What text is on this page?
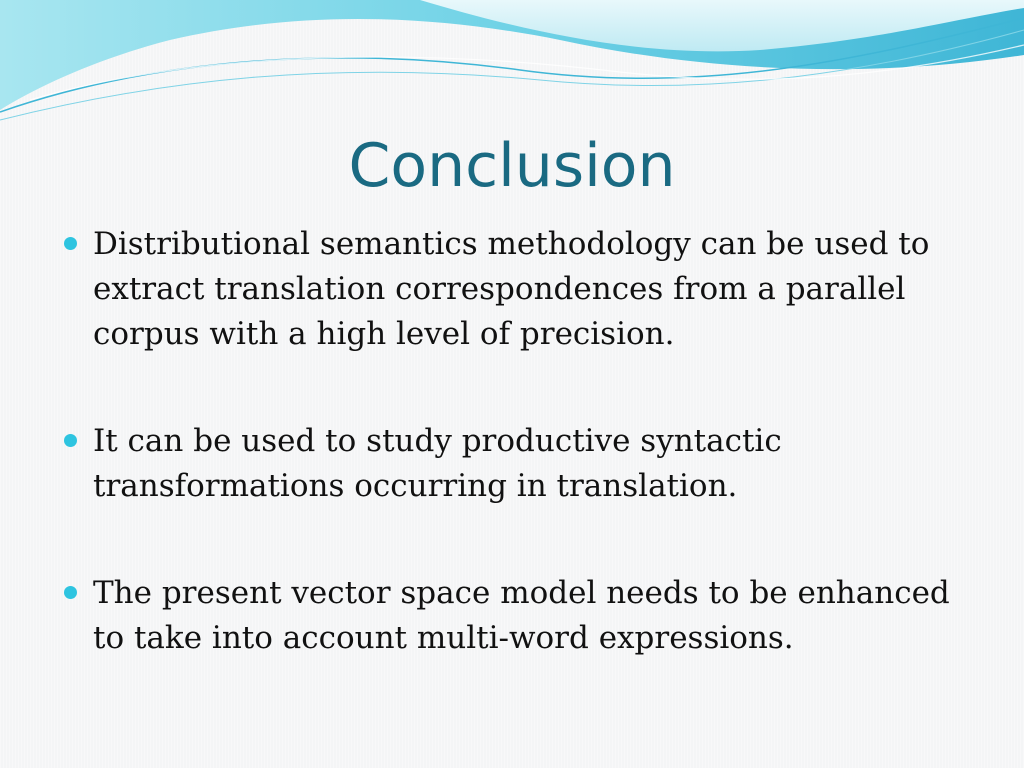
Conclusion
Distributional semantics methodology can be used to extract translation correspondences from a parallel corpus with a high level of precision.
It can be used to study productive syntactic transformations occurring in translation.
The present vector space model needs to be enhanced to take into account multi-word expressions.
